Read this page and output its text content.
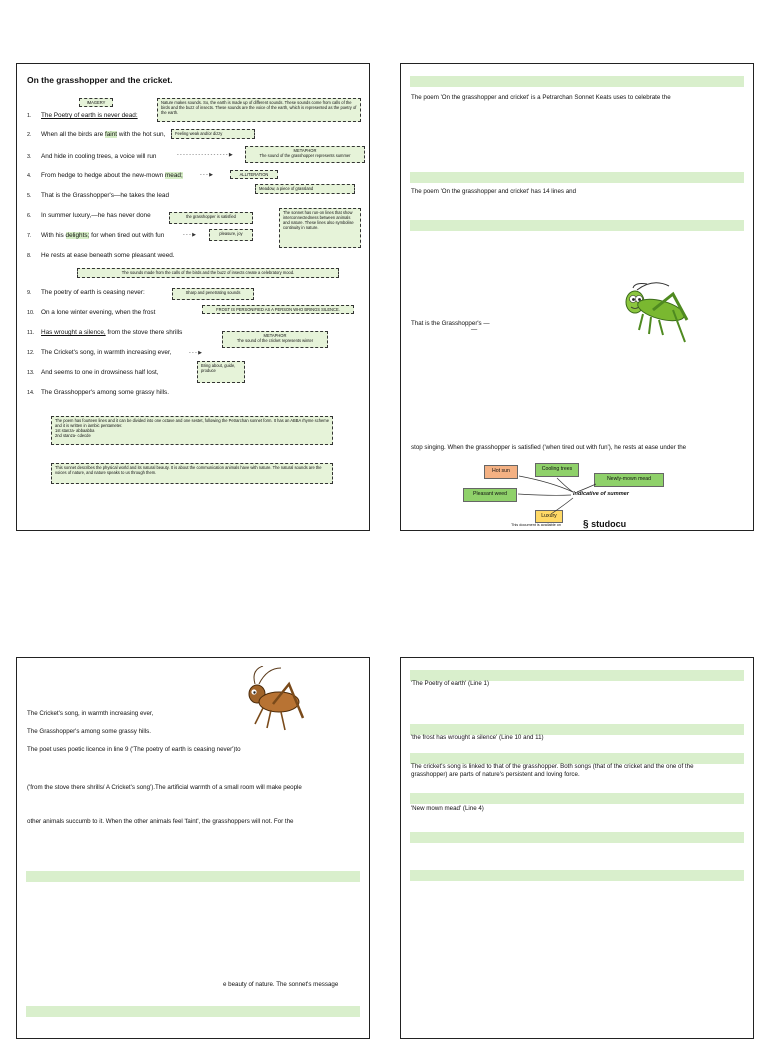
On the grasshopper and the cricket.
1. The Poetry of earth is never dead:
2. When all the birds are faint with the hot sun,
3. And hide in cooling trees, a voice will run
4. From hedge to hedge about the new-mown mead;
5. That is the Grasshopper's—he takes the lead
6. In summer luxury,—he has never done
7. With his delights; for when tired out with fun
8. He rests at ease beneath some pleasant weed.
9. The poetry of earth is ceasing never:
10. On a lone winter evening, when the frost
11. Has wrought a silence, from the stove there shrills
12. The Cricket's song, in warmth increasing ever,
13. And seems to one in drowsiness half lost,
14. The Grasshopper's among some grassy hills.
IMAGERY	Nature makes sounds. So, the earth is made up of different sounds. These sounds come from calls of the birds and the buzz of insects. These sounds are the voice of the earth, which is represented as the poetry of the earth.
Feeling weak and/or dizzy
- - - - - - - - - - - - - - - - - ▶
METAPHOR
The sound of the grasshopper represents summer
- - - ▶	ALLITERATION
Meadow, a piece of grassland
the grasshopper is satisfied
The sonnet has run-on lines that show interconnectedness between animals and nature. These lines also symbolise continuity in nature.
- - - ▶	pleasure, joy
The sounds made from the calls of the birds and the buzz of insects create a celebratory mood.
Sharp and penetrating sounds
FROST IS PERSONIFIED AS A PERSON WHO BRINGS SILENCE.
METAPHOR
The sound of the cricket represents winter
- - - ▶
Bring about, guide, produce
The poem has fourteen lines and it can be divided into one octave and one sestet, following the Petrarchan sonnet form. It has an ABBA rhyme scheme and it is written in iambic pentameter.
1st stanza- abbaabba
2nd stanza- cdecde
This sonnet describes the physical world and its natural beauty. It is about the communication animals have with nature. The natural sounds are the voices of nature, and nature speaks to us through them.
The poem 'On the grasshopper and cricket' is a Petrarchan Sonnet Keats uses to celebrate the
The poem 'On the grasshopper and cricket' has 14 lines and
That is the Grasshopper's —
—
stop singing. When the grasshopper is satisfied ('when tired out with fun'), he rests at ease under the
Hot sun	Cooling trees
Newly-mown mead
Pleasant weed	Indicative of summer
Luxury
This document is available on § studocu
The Cricket's song, in warmth increasing ever,
The Grasshopper's among some grassy hills.
The poet uses poetic licence in line 9 ('The poetry of earth is ceasing never')to
('from the stove there shrills/ A Cricket's song').The artificial warmth of a small room will make people
other animals succumb to it. When the other animals feel 'faint', the grasshoppers will not. For the
e beauty of nature. The sonnet's message
'The Poetry of earth' (Line 1)
'the frost has wrought a silence' (Line 10 and 11)
The cricket's song is linked to that of the grasshopper. Both songs (that of the cricket and the one of the grasshopper) are parts of nature's persistent and loving force.
'New mown mead' (Line 4)
